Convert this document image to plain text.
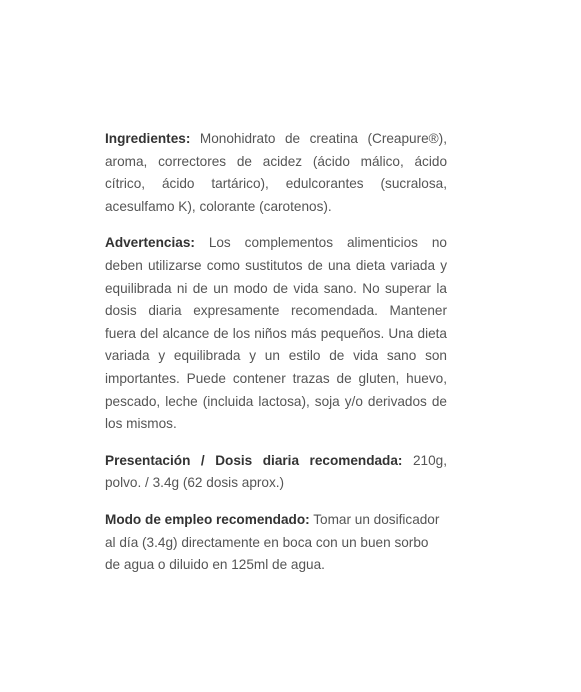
Ingredientes: Monohidrato de creatina (Creapure®), aroma, correctores de acidez (ácido málico, ácido cítrico, ácido tartárico), edulcorantes (sucralosa, acesulfamo K), colorante (carotenos).

Advertencias: Los complementos alimenticios no deben utilizarse como sustitutos de una dieta variada y equilibrada ni de un modo de vida sano. No superar la dosis diaria expresamente recomendada. Mantener fuera del alcance de los niños más pequeños. Una dieta variada y equilibrada y un estilo de vida sano son importantes. Puede contener trazas de gluten, huevo, pescado, leche (incluida lactosa), soja y/o derivados de los mismos.

Presentación / Dosis diaria recomendada: 210g, polvo. / 3.4g (62 dosis aprox.)

Modo de empleo recomendado: Tomar un dosificador al día (3.4g) directamente en boca con un buen sorbo de agua o diluido en 125ml de agua.
